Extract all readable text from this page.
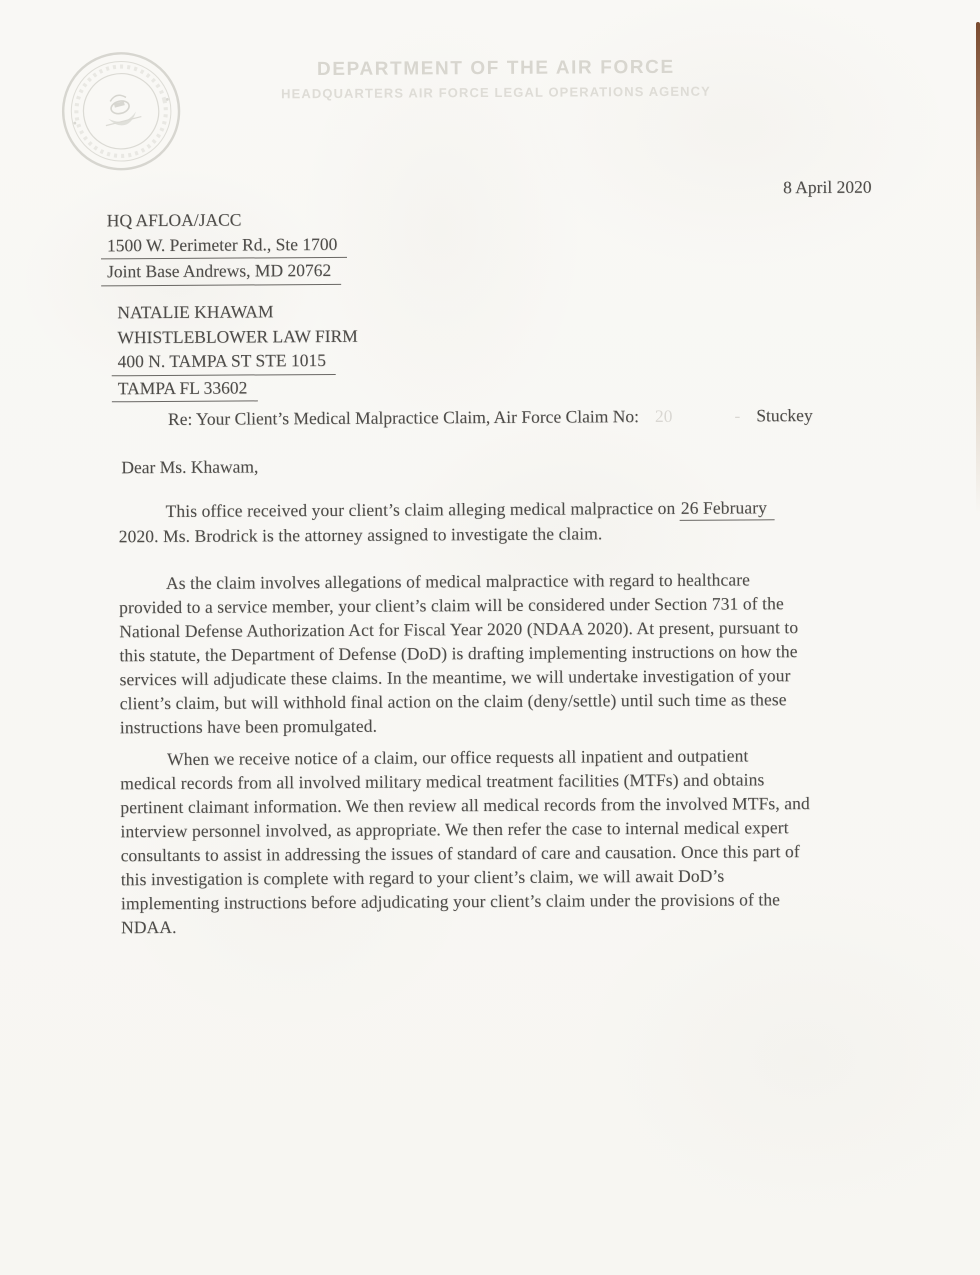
DEPARTMENT OF THE AIR FORCE
HEADQUARTERS AIR FORCE LEGAL OPERATIONS AGENCY
8 April 2020
HQ AFLOA/JACC
1500 W. Perimeter Rd., Ste 1700
Joint Base Andrews, MD 20762
NATALIE KHAWAM
WHISTLEBLOWER LAW FIRM
400 N. TAMPA ST STE 1015
TAMPA FL 33602
Re: Your Client’s Medical Malpractice Claim, Air Force Claim No: 20	- Stuckey
Dear Ms. Khawam,
This office received your client’s claim alleging medical malpractice on 26 February
2020. Ms. Brodrick is the attorney assigned to investigate the claim.
As the claim involves allegations of medical malpractice with regard to healthcare
provided to a service member, your client’s claim will be considered under Section 731 of the
National Defense Authorization Act for Fiscal Year 2020 (NDAA 2020). At present, pursuant to
this statute, the Department of Defense (DoD) is drafting implementing instructions on how the
services will adjudicate these claims. In the meantime, we will undertake investigation of your
client’s claim, but will withhold final action on the claim (deny/settle) until such time as these
instructions have been promulgated.
When we receive notice of a claim, our office requests all inpatient and outpatient
medical records from all involved military medical treatment facilities (MTFs) and obtains
pertinent claimant information. We then review all medical records from the involved MTFs, and
interview personnel involved, as appropriate. We then refer the case to internal medical expert
consultants to assist in addressing the issues of standard of care and causation. Once this part of
this investigation is complete with regard to your client’s claim, we will await DoD’s
implementing instructions before adjudicating your client’s claim under the provisions of the
NDAA.
